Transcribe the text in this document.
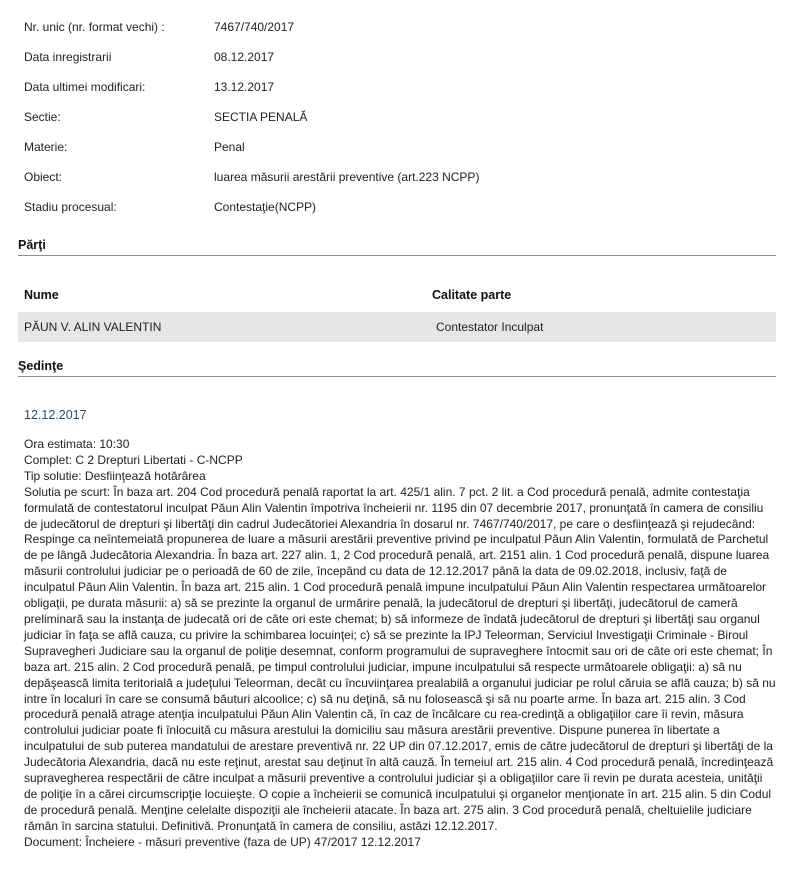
Nr. unic (nr. format vechi) :	7467/740/2017
Data inregistrarii	08.12.2017
Data ultimei modificari:	13.12.2017
Sectie:	SECTIA PENALĂ
Materie:	Penal
Obiect:	luarea măsurii arestării preventive (art.223 NCPP)
Stadiu procesual:	Contestaţie(NCPP)
Părţi
Nume	Calitate parte
PĂUN V. ALIN VALENTIN	Contestator Inculpat
Şedinţe
12.12.2017
Ora estimata: 10:30
Complet: C 2 Drepturi Libertati - C-NCPP
Tip solutie: Desfiinţează hotărârea
Solutia pe scurt: În baza art. 204 Cod procedură penală raportat la art. 425/1 alin. 7 pct. 2 lit. a Cod procedură penală, admite contestaţia formulată de contestatorul inculpat Păun Alin Valentin împotriva încheierii nr. 1195 din 07 decembrie 2017, pronunţată în camera de consiliu de judecătorul de drepturi şi libertăţi din cadrul Judecătoriei Alexandria în dosarul nr. 7467/740/2017, pe care o desfiinţează şi rejudecând: Respinge ca neîntemeiată propunerea de luare a măsurii arestării preventive privind pe inculpatul Păun Alin Valentin, formulată de Parchetul de pe lângă Judecătoria Alexandria. În baza art. 227 alin. 1, 2 Cod procedură penală, art. 2151 alin. 1 Cod procedură penală, dispune luarea măsurii controlului judiciar pe o perioadă de 60 de zile, începând cu data de 12.12.2017 până la data de 09.02.2018, inclusiv, faţă de inculpatul Păun Alin Valentin. În baza art. 215 alin. 1 Cod procedură penală impune inculpatului Păun Alin Valentin respectarea următoarelor obligaţii, pe durata măsurii: a) să se prezinte la organul de urmărire penală, la judecătorul de drepturi şi libertăţi, judecătorul de cameră preliminară sau la instanţa de judecată ori de câte ori este chemat; b) să informeze de îndată judecătorul de drepturi şi libertăţi sau organul judiciar în faţa se află cauza, cu privire la schimbarea locuinţei; c) să se prezinte la IPJ Teleorman, Serviciul Investigaţii Criminale - Biroul Supravegheri Judiciare sau la organul de poliţie desemnat, conform programului de supraveghere întocmit sau ori de câte ori este chemat; În baza art. 215 alin. 2 Cod procedură penală, pe timpul controlului judiciar, impune inculpatului să respecte următoarele obligaţii: a) să nu depăşească limita teritorială a judeţului Teleorman, decât cu încuviinţarea prealabilă a organului judiciar pe rolul căruia se află cauza; b) să nu intre în localuri în care se consumă băuturi alcoolice; c) să nu deţină, să nu folosească şi să nu poarte arme. În baza art. 215 alin. 3 Cod procedură penală atrage atenţia inculpatului Păun Alin Valentin că, în caz de încălcare cu rea-credinţă a obligaţiilor care îi revin, măsura controlului judiciar poate fi înlocuită cu măsura arestului la domiciliu sau măsura arestării preventive. Dispune punerea în libertate a inculpatului de sub puterea mandatului de arestare preventivă nr. 22 UP din 07.12.2017, emis de către judecătorul de drepturi şi libertăţi de la Judecătoria Alexandria, dacă nu este reţinut, arestat sau deţinut în altă cauză. În temeiul art. 215 alin. 4 Cod procedură penală, încredinţează supravegherea respectării de către inculpat a măsurii preventive a controlului judiciar şi a obligaţiilor care îi revin pe durata acesteia, unităţii de poliţie în a cărei circumscripţie locuieşte. O copie a încheierii se comunică inculpatului şi organelor menţionate în art. 215 alin. 5 din Codul de procedură penală. Menţine celelalte dispoziţii ale încheierii atacate. În baza art. 275 alin. 3 Cod procedură penală, cheltuielile judiciare rămân în sarcina statului. Definitivă. Pronunţată în camera de consiliu, astăzi 12.12.2017.
Document: Încheiere - măsuri preventive (faza de UP) 47/2017 12.12.2017
